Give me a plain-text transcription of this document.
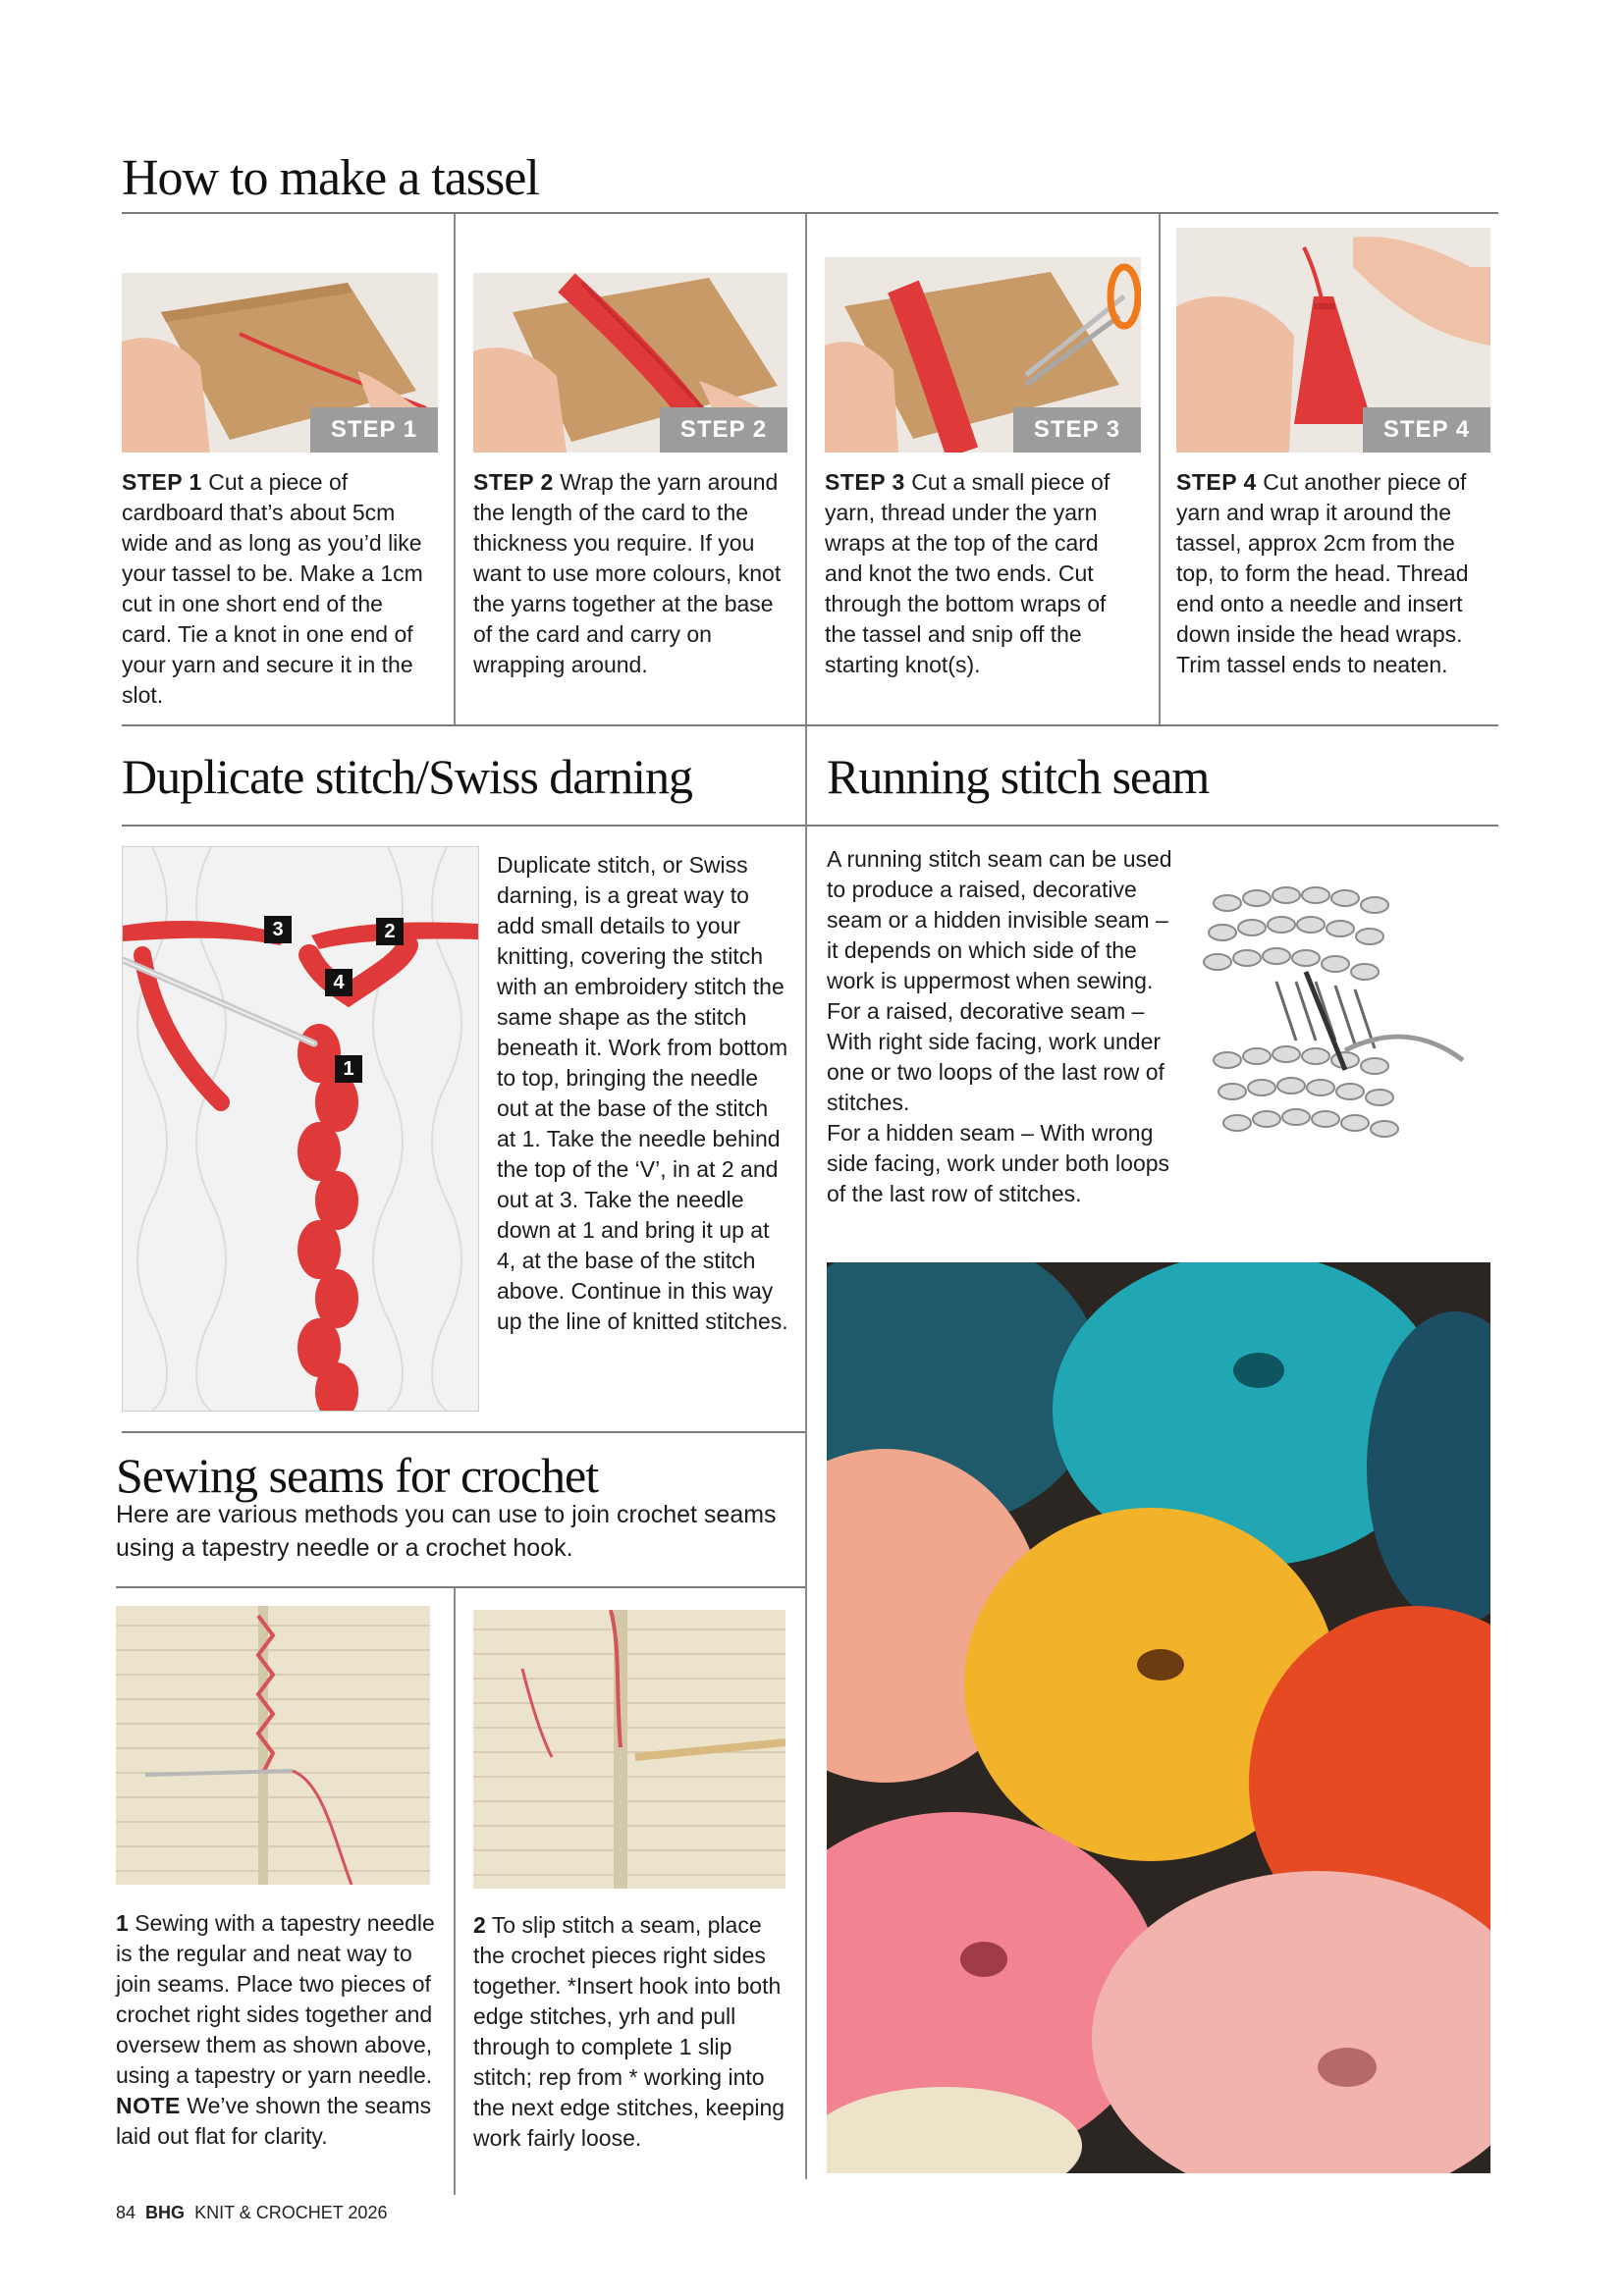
How to make a tassel
STEP 1	STEP 2	STEP 3	STEP 4
STEP 1 Cut a piece of cardboard that’s about 5cm wide and as long as you’d like your tassel to be. Make a 1cm cut in one short end of the card. Tie a knot in one end of your yarn and secure it in the slot.
STEP 2 Wrap the yarn around the length of the card to the thickness you require. If you want to use more colours, knot the yarns together at the base of the card and carry on wrapping around.
STEP 3 Cut a small piece of yarn, thread under the yarn wraps at the top of the card and knot the two ends. Cut through the bottom wraps of the tassel and snip off the starting knot(s).
STEP 4 Cut another piece of yarn and wrap it around the tassel, approx 2cm from the top, to form the head. Thread end onto a needle and insert down inside the head wraps. Trim tassel ends to neaten.
Duplicate stitch/Swiss darning
3	2
4
1
Duplicate stitch, or Swiss darning, is a great way to add small details to your knitting, covering the stitch with an embroidery stitch the same shape as the stitch beneath it. Work from bottom to top, bringing the needle out at the base of the stitch at 1. Take the needle behind the top of the ‘V’, in at 2 and out at 3. Take the needle down at 1 and bring it up at 4, at the base of the stitch above. Continue in this way up the line of knitted stitches.
Running stitch seam
A running stitch seam can be used to produce a raised, decorative seam or a hidden invisible seam – it depends on which side of the work is uppermost when sewing.
For a raised, decorative seam – With right side facing, work under one or two loops of the last row of stitches.
For a hidden seam – With wrong side facing, work under both loops of the last row of stitches.
Sewing seams for crochet
Here are various methods you can use to join crochet seams using a tapestry needle or a crochet hook.
1 Sewing with a tapestry needle is the regular and neat way to join seams. Place two pieces of crochet right sides together and oversew them as shown above, using a tapestry or yarn needle. NOTE We’ve shown the seams laid out flat for clarity.
2 To slip stitch a seam, place the crochet pieces right sides together. *Insert hook into both edge stitches, yrh and pull through to complete 1 slip stitch; rep from * working into the next edge stitches, keeping work fairly loose.
84 BHG KNIT & CROCHET 2026
